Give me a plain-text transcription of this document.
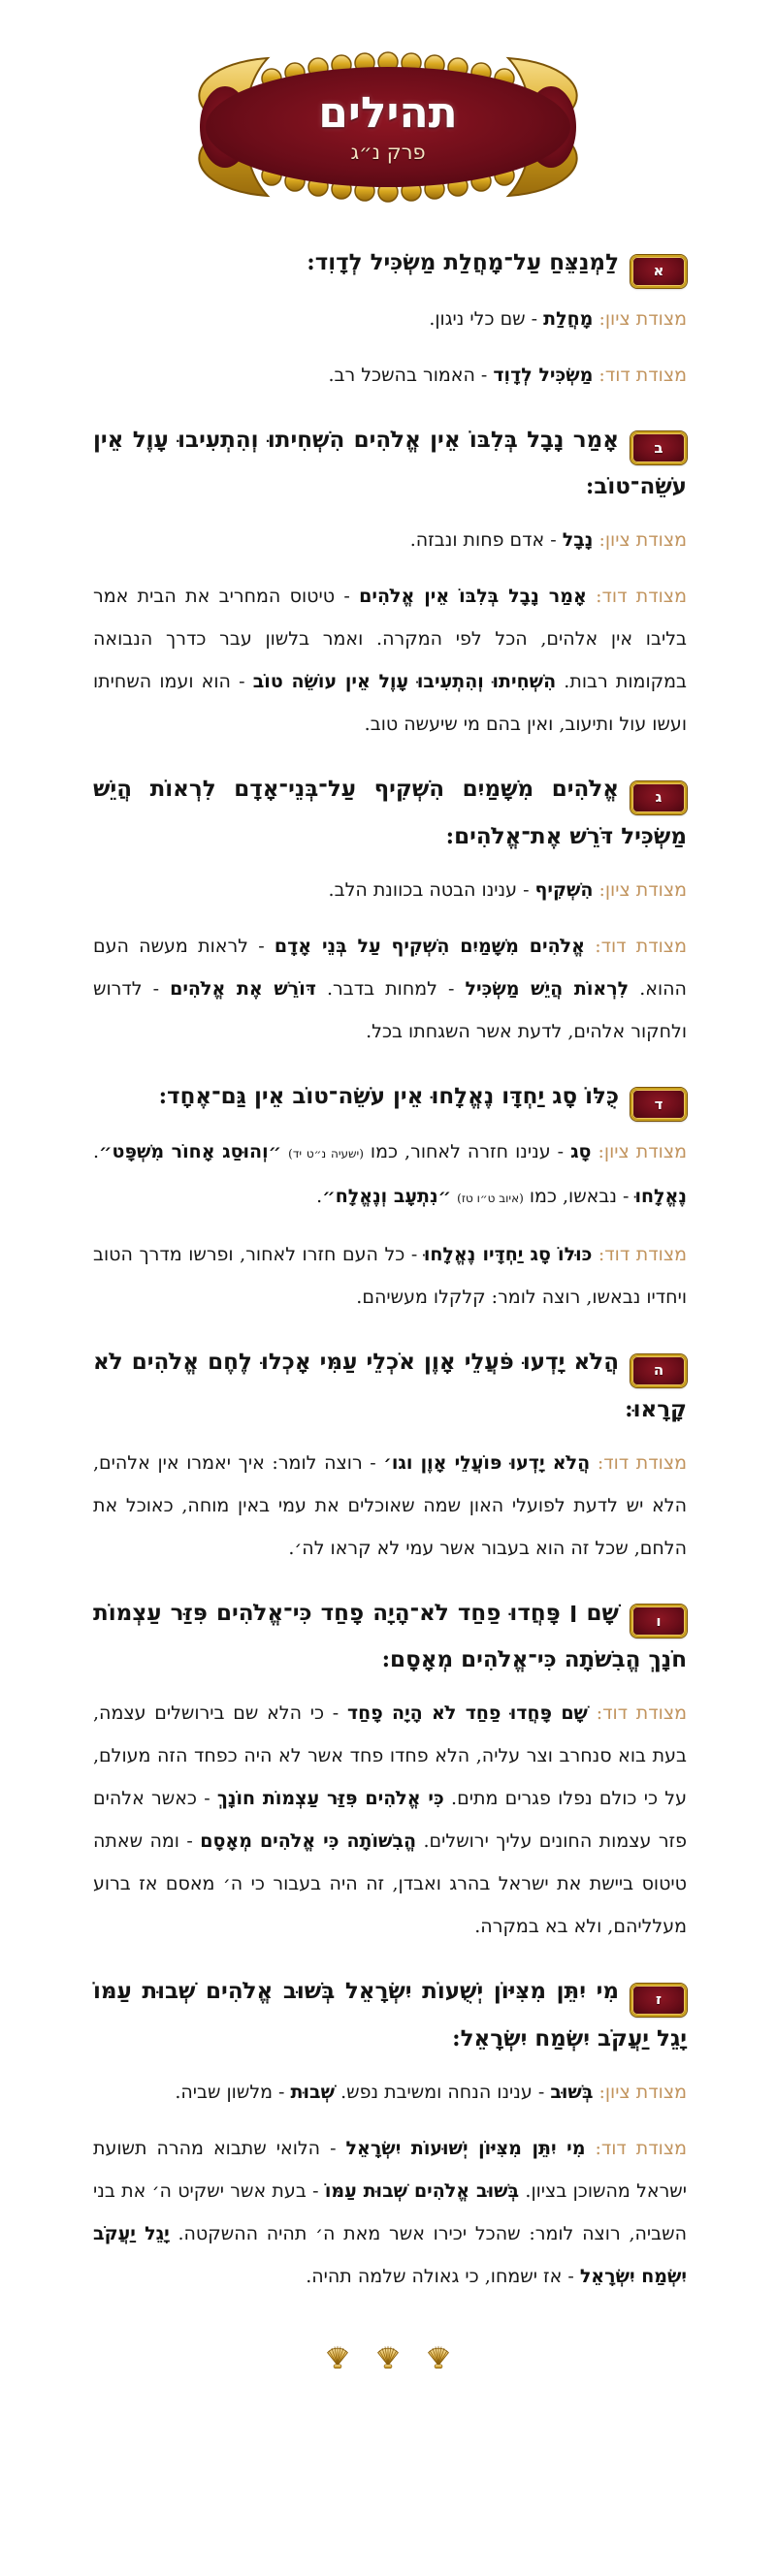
תהילים
פרק נ״ג

א
לַמְנַצֵּחַ עַל־מָחֲלַת מַשְׂכִּיל לְדָוִד:

מצודת ציון: מָחֲלַת - שם כלי ניגון.

מצודת דוד: מַשְׂכִּיל לְדָוִד - האמור בהשכל רב.

ב
אָמַר נָבָל בְּלִבּוֹ אֵין אֱלֹהִים הִשְׁחִיתוּ וְהִתְעִיבוּ עָוֶל אֵין עֹשֵׂה־טוֹב:

מצודת ציון: נָבָל - אדם פחות ונבזה.

מצודת דוד: אָמַר נָבָל בְּלִבּוֹ אֵין אֱלֹהִים - טיטוס המחריב את הבית אמר בליבו אין אלהים, הכל לפי המקרה. ואמר בלשון עבר כדרך הנבואה במקומות רבות. הִשְׁחִיתוּ וְהִתְעִיבוּ עָוֶל אֵין עוֹשֵׂה טוֹב - הוא ועמו השחיתו ועשו עול ותיעוב, ואין בהם מי שיעשה טוב.

ג
אֱלֹהִים מִשָּׁמַיִם הִשְׁקִיף עַל־בְּנֵי־אָדָם לִרְאוֹת הֲיֵשׁ מַשְׂכִּיל דֹּרֵשׁ אֶת־אֱלֹהִים:

מצודת ציון: הִשְׁקִיף - ענינו הבטה בכוונת הלב.

מצודת דוד: אֱלֹהִים מִשָּׁמַיִם הִשְׁקִיף עַל בְּנֵי אָדָם - לראות מעשה העם ההוא. לִרְאוֹת הֲיֵשׁ מַשְׂכִּיל - למחות בדבר. דּוֹרֵשׁ אֶת אֱלֹהִים - לדרוש ולחקור אלהים, לדעת אשר השגחתו בכל.

ד
כֻּלּוֹ סָג יַחְדָּו נֶאֱלָחוּ אֵין עֹשֵׂה־טוֹב אֵין גַּם־אֶחָד:

מצודת ציון: סָג - ענינו חזרה לאחור, כמו (ישעיה נ״ט יד) ״וְהוּסַג אָחוֹר מִשְׁפָּט״. נֶאֱלָחוּ - נבאשו, כמו (איוב ט״ו טז) ״נִתְעָב וְנֶאֱלָח״.

מצודת דוד: כּוּלוֹ סָג יַחְדָּיו נֶאֱלָחוּ - כל העם חזרו לאחור, ופרשו מדרך הטוב ויחדיו נבאשו, רוצה לומר: קלקלו מעשיהם.

ה
הֲלֹא יָדְעוּ פֹּעֲלֵי אָוֶן אֹכְלֵי עַמִּי אָכְלוּ לֶחֶם אֱלֹהִים לֹא קָרָאוּ:

מצודת דוד: הֲלֹא יָדְעוּ פּוֹעֲלֵי אָוֶן וגו׳ - רוצה לומר: איך יאמרו אין אלהים, הלא יש לדעת לפועלי האון שמה שאוכלים את עמי באין מוחה, כאוכל את הלחם, שכל זה הוא בעבור אשר עמי לא קראו לה׳.

ו
שָׁם ׀ פָּחֲדוּ פַחַד לֹא־הָיָה פָחַד כִּי־אֱלֹהִים פִּזַּר עַצְמוֹת חֹנָךְ הֱבִשֹׁתָה כִּי־אֱלֹהִים מְאָסָם:

מצודת דוד: שָׁם פָּחֲדוּ פַחַד לֹא הָיָה פָחַד - כי הלא שם בירושלים עצמה, בעת בוא סנחרב וצר עליה, הלא פחדו פחד אשר לא היה כפחד הזה מעולם, על כי כולם נפלו פגרים מתים. כִּי אֱלֹהִים פִּזַּר עַצְמוֹת חוֹנָךְ - כאשר אלהים פזר עצמות החונים עליך ירושלים. הֱבִשׁוֹתָה כִּי אֱלֹהִים מְאָסָם - ומה שאתה טיטוס ביישת את ישראל בהרג ואבדן, זה היה בעבור כי ה׳ מאסם אז ברוע מעלליהם, ולא בא במקרה.

ז
מִי יִתֵּן מִצִּיּוֹן יְשֻׁעוֹת יִשְׂרָאֵל בְּשׁוּב אֱלֹהִים שְׁבוּת עַמּוֹ יָגֵל יַעֲקֹב יִשְׂמַח יִשְׂרָאֵל:

מצודת ציון: בְּשׁוּב - ענינו הנחה ומשיבת נפש. שְׁבוּת - מלשון שביה.

מצודת דוד: מִי יִתֵּן מִצִּיּוֹן יְשׁוּעוֹת יִשְׂרָאֵל - הלואי שתבוא מהרה תשועת ישראל מהשוכן בציון. בְּשׁוּב אֱלֹהִים שְׁבוּת עַמּוֹ - בעת אשר ישקיט ה׳ את בני השביה, רוצה לומר: שהכל יכירו אשר מאת ה׳ תהיה ההשקטה. יָגֵל יַעֲקֹב יִשְׂמַח יִשְׂרָאֵל - אז ישמחו, כי גאולה שלמה תהיה.
